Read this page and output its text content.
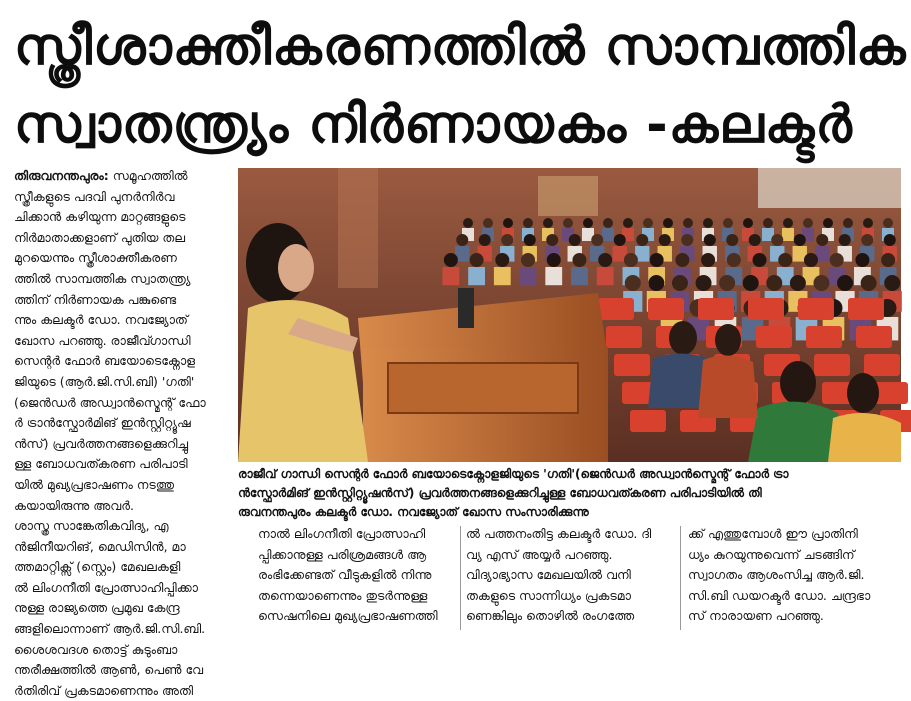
സ്ത്രീശാക്തീകരണത്തിൽ സാമ്പത്തിക
സ്വാതന്ത്ര്യം നിർണായകം -കലക്ടർ

തിരുവനന്തപുരം: സമൂഹത്തിൽ

സ്ത്രീകളുടെ പദവി പുനർനിർവ

ചിക്കാൻ കഴിയുന്ന മാറ്റങ്ങളുടെ

നിർമാതാക്കളാണ് പുതിയ തല

മുറയെന്നും സ്ത്രീശാക്തീകരണ

ത്തിൽ സാമ്പത്തിക സ്വാതന്ത്ര്യ

ത്തിന് നിർണായക പങ്കുണ്ടെ

ന്നും കലക്ടർ ഡോ. നവജ്യോത്

ഖോസ പറഞ്ഞു. രാജീവ്ഗാന്ധി

സെന്റർ ഫോർ ബയോടെക്നോള

ജിയുടെ (ആർ.ജി.സി.ബി) 'ഗതി'

(ജെൻഡർ അഡ്വാൻസ്മെന്റ് ഫോ

ർ ട്രാൻസ്ഫോർമിങ് ഇൻസ്റ്റിറ്റ്യൂഷ

ൻസ്) പ്രവർത്തനങ്ങളെക്കുറിച്ചു

ള്ള ബോധവത്കരണ പരിപാടി

യിൽ മുഖ്യപ്രഭാഷണം നടത്തു

കയായിരുന്നു അവർ.

ശാസ്ത്ര സാങ്കേതികവിദ്യ, എ

ൻജിനീയറിങ്, മെഡിസിൻ, മാ

ത്തമാറ്റിക്സ് (സ്റ്റെം) മേഖലകളി

ൽ ലിംഗനീതി പ്രോത്സാഹിപ്പിക്കാ

നുള്ള രാജ്യത്തെ പ്രമുഖ കേന്ദ്ര

ങ്ങളിലൊന്നാണ് ആർ.ജി.സി.ബി.

ശൈശവദശ തൊട്ട് കുടുംബാ

ന്തരീക്ഷത്തിൽ ആൺ, പെൺ വേ

ർതിരിവ് പ്രകടമാണെന്നും അതി

രാജീവ് ഗാന്ധി സെന്റർ ഫോർ ബയോടെക്നോളജിയുടെ 'ഗതി'(ജെൻഡർ അഡ്വാൻസ്മെന്റ് ഫോർ ട്രാ
ൻസ്ഫോർമിങ് ഇൻസ്റ്റിറ്റ്യൂഷൻസ്) പ്രവർത്തനങ്ങളെക്കുറിച്ചുള്ള ബോധവത്കരണ പരിപാടിയിൽ തി
രുവനന്തപുരം കലക്ടർ ഡോ. നവജ്യോത് ഖോസ സംസാരിക്കുന്നു

നാൽ ലിംഗനീതി പ്രോത്സാഹി

പ്പിക്കാനുള്ള പരിശ്രമങ്ങൾ ആ

രംഭിക്കേണ്ടത് വീടുകളിൽ നിന്നു

തന്നെയാണെന്നും തുടർന്നുള്ള

സെഷനിലെ മുഖ്യപ്രഭാഷണത്തി

ൽ പത്തനംതിട്ട കലക്ടർ ഡോ. ദി

വ്യ എസ് അയ്യർ പറഞ്ഞു.

വിദ്യാഭ്യാസ മേഖലയിൽ വനി

തകളുടെ സാന്നിധ്യം പ്രകടമാ

ണെങ്കിലും തൊഴിൽ രംഗത്തേ

ക്ക് എത്തുമ്പോൾ ഈ പ്രാതിനി

ധ്യം കുറയുന്നുവെന്ന് ചടങ്ങിന്

സ്വാഗതം ആശംസിച്ച ആർ.ജി.

സി.ബി ഡയറക്ടർ ഡോ. ചന്ദ്രഭാ

സ് നാരായണ പറഞ്ഞു.
